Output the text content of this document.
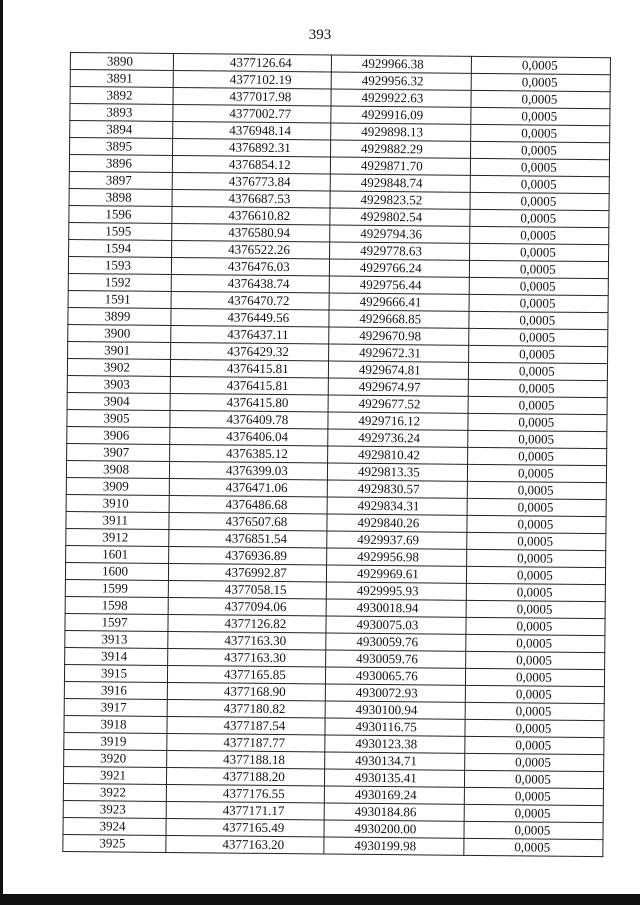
393
3890	4377126.64	4929966.38	0,0005
3891	4377102.19	4929956.32	0,0005
3892	4377017.98	4929922.63	0,0005
3893	4377002.77	4929916.09	0,0005
3894	4376948.14	4929898.13	0,0005
3895	4376892.31	4929882.29	0,0005
3896	4376854.12	4929871.70	0,0005
3897	4376773.84	4929848.74	0,0005
3898	4376687.53	4929823.52	0,0005
1596	4376610.82	4929802.54	0,0005
1595	4376580.94	4929794.36	0,0005
1594	4376522.26	4929778.63	0,0005
1593	4376476.03	4929766.24	0,0005
1592	4376438.74	4929756.44	0,0005
1591	4376470.72	4929666.41	0,0005
3899	4376449.56	4929668.85	0,0005
3900	4376437.11	4929670.98	0,0005
3901	4376429.32	4929672.31	0,0005
3902	4376415.81	4929674.81	0,0005
3903	4376415.81	4929674.97	0,0005
3904	4376415.80	4929677.52	0,0005
3905	4376409.78	4929716.12	0,0005
3906	4376406.04	4929736.24	0,0005
3907	4376385.12	4929810.42	0,0005
3908	4376399.03	4929813.35	0,0005
3909	4376471.06	4929830.57	0,0005
3910	4376486.68	4929834.31	0,0005
3911	4376507.68	4929840.26	0,0005
3912	4376851.54	4929937.69	0,0005
1601	4376936.89	4929956.98	0,0005
1600	4376992.87	4929969.61	0,0005
1599	4377058.15	4929995.93	0,0005
1598	4377094.06	4930018.94	0,0005
1597	4377126.82	4930075.03	0,0005
3913	4377163.30	4930059.76	0,0005
3914	4377163.30	4930059.76	0,0005
3915	4377165.85	4930065.76	0,0005
3916	4377168.90	4930072.93	0,0005
3917	4377180.82	4930100.94	0,0005
3918	4377187.54	4930116.75	0,0005
3919	4377187.77	4930123.38	0,0005
3920	4377188.18	4930134.71	0,0005
3921	4377188.20	4930135.41	0,0005
3922	4377176.55	4930169.24	0,0005
3923	4377171.17	4930184.86	0,0005
3924	4377165.49	4930200.00	0,0005
3925	4377163.20	4930199.98	0,0005
